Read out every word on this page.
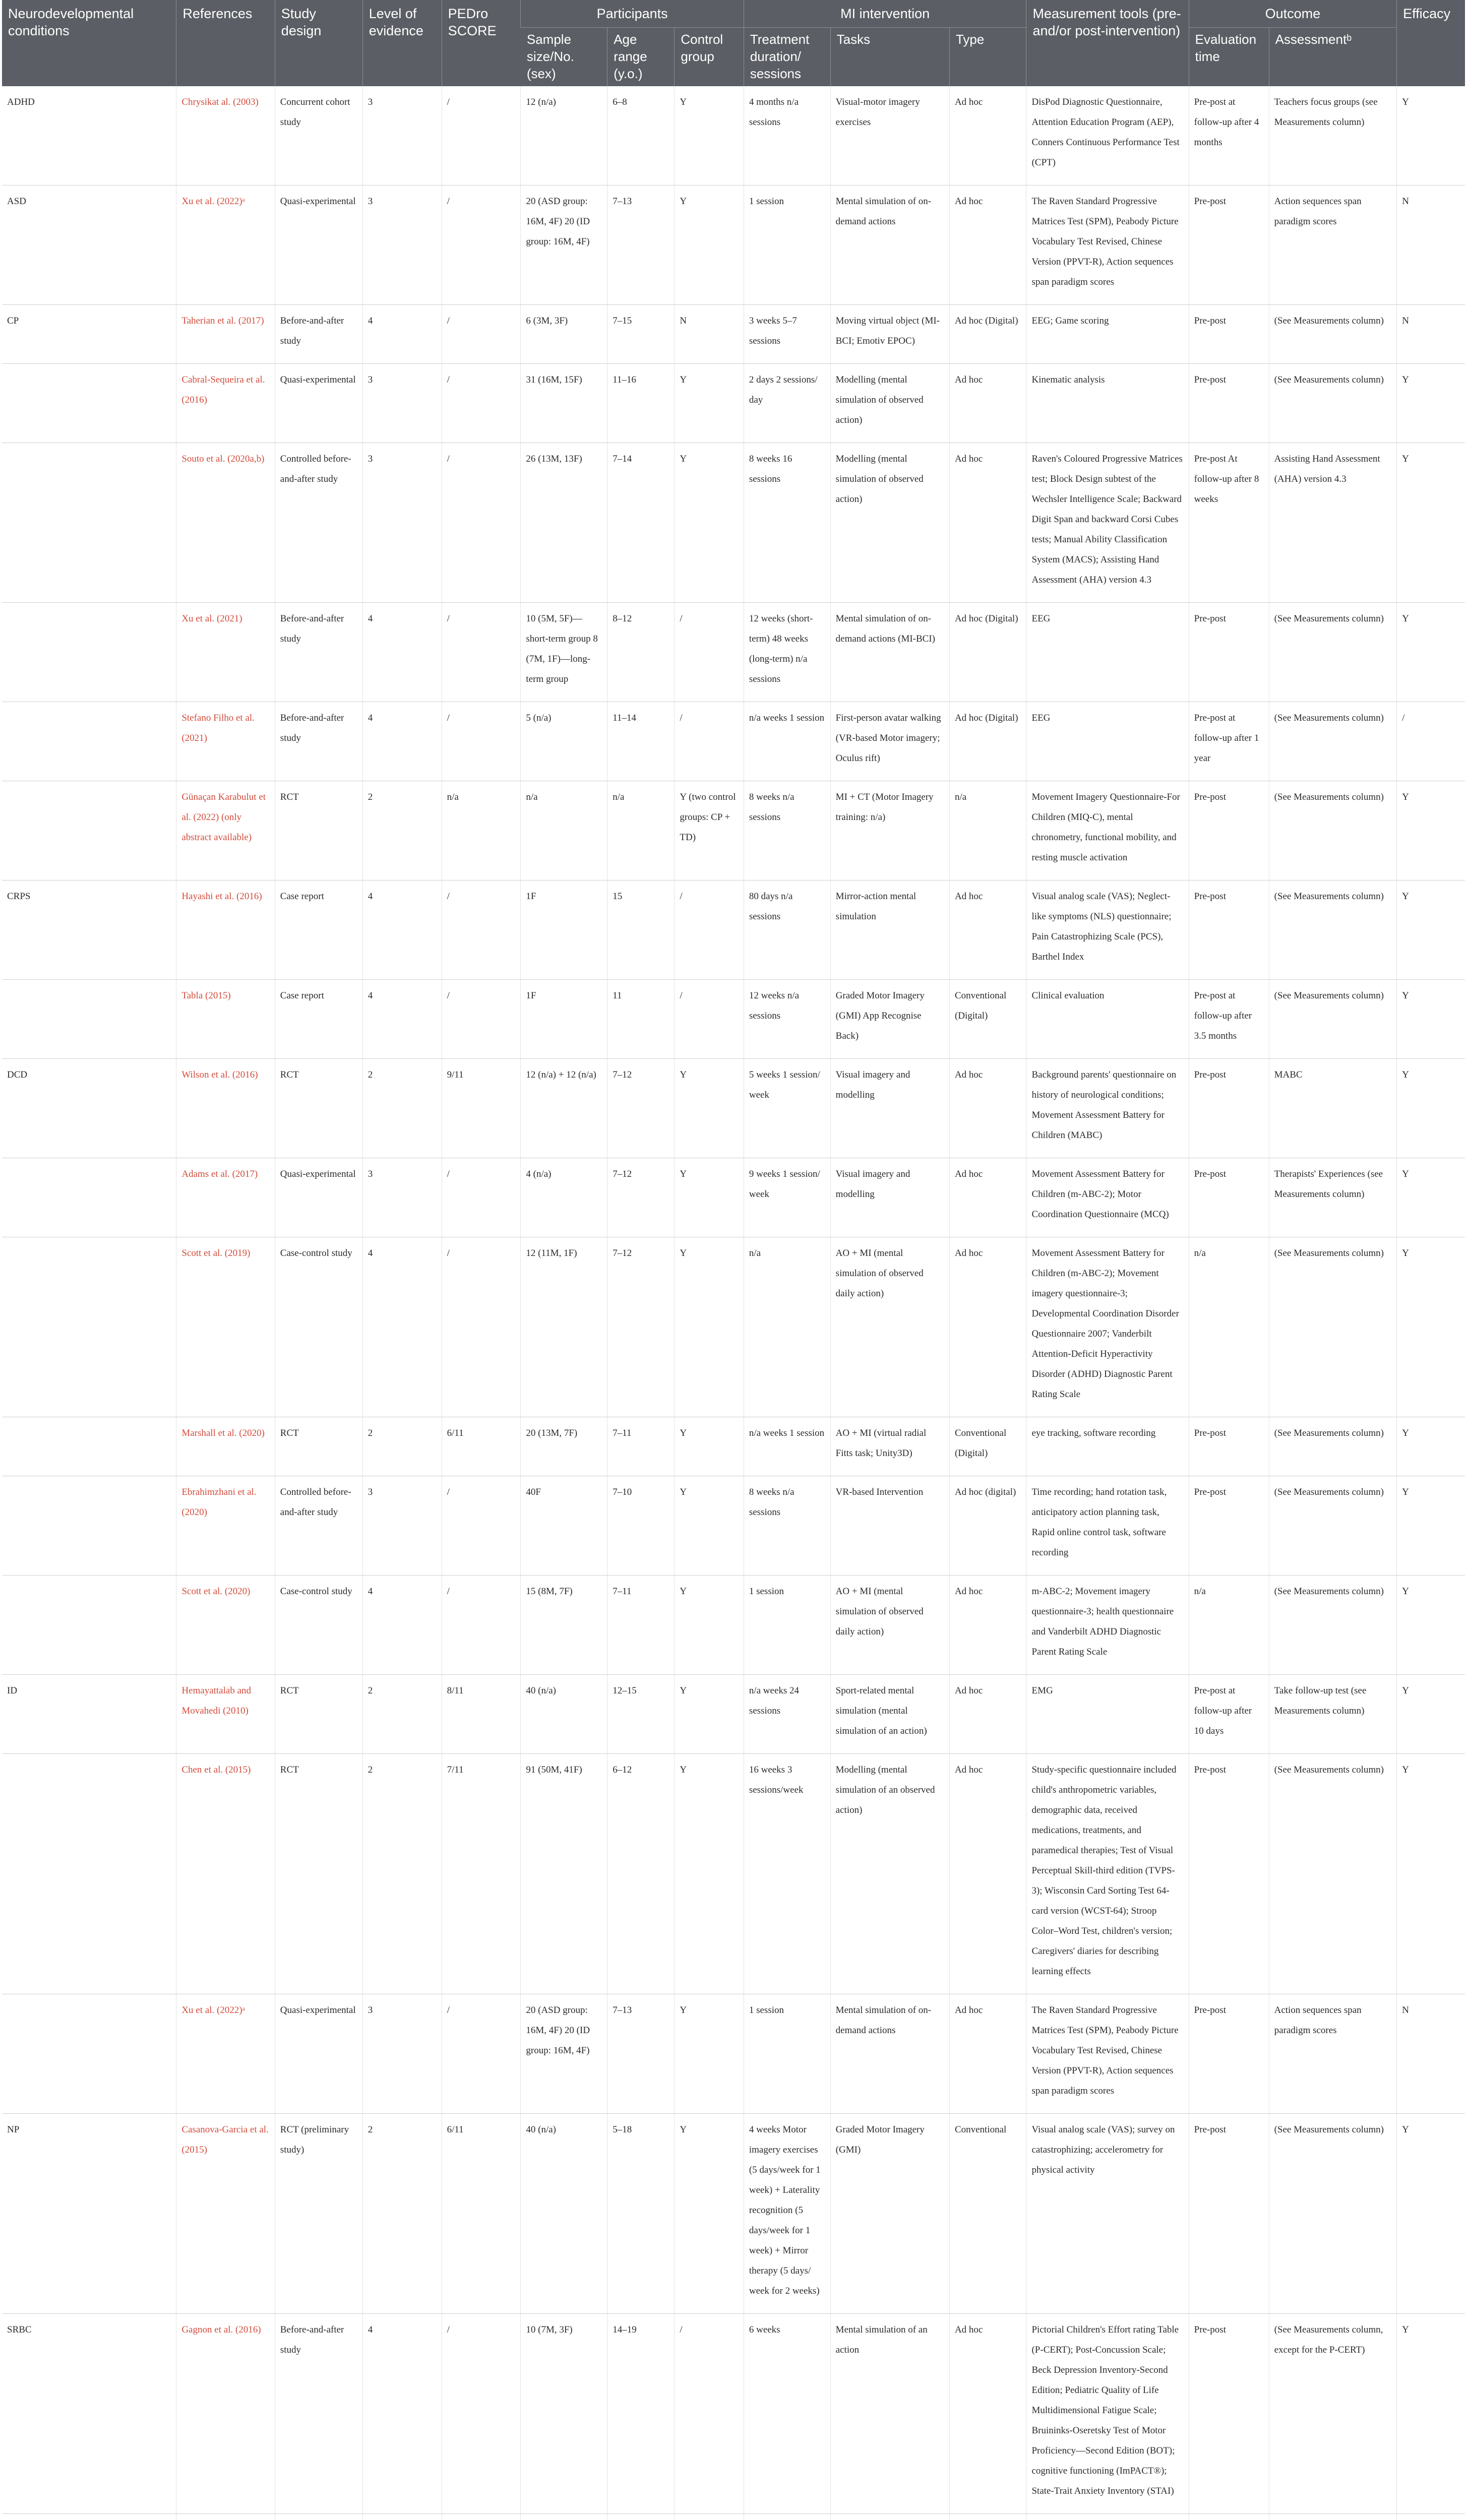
Neurodevelopmental conditions	References	Study design	Level of evidence	PEDro SCORE	Participants			MI intervention			Measurement tools (pre- and/or post-intervention)	Outcome		Efficacy
					Sample size/No. (sex)	Age range (y.o.)	Control group	Treatment duration/ sessions	Tasks	Type		Evaluation time	Assessmentᵇ	
ADHD	Chrysikat al. (2003)	Concurrent cohort study	3	/	12 (n/a)	6–8	Y	4 months n/a sessions	Visual-motor imagery exercises	Ad hoc	DisPod Diagnostic Questionnaire, Attention Education Program (AEP), Conners Continuous Performance Test (CPT)	Pre-post at follow-up after 4 months	Teachers focus groups (see Measurements column)	Y
ASD	Xu et al. (2022)ᵃ	Quasi-experimental	3	/	20 (ASD group: 16M, 4F) 20 (ID group: 16M, 4F)	7–13	Y	1 session	Mental simulation of on-demand actions	Ad hoc	The Raven Standard Progressive Matrices Test (SPM), Peabody Picture Vocabulary Test Revised, Chinese Version (PPVT-R), Action sequences span paradigm scores	Pre-post	Action sequences span paradigm scores	N
CP	Taherian et al. (2017)	Before-and-after study	4	/	6 (3M, 3F)	7–15	N	3 weeks 5–7 sessions	Moving virtual object (MI-BCI; Emotiv EPOC)	Ad hoc (Digital)	EEG; Game scoring	Pre-post	(See Measurements column)	N
	Cabral-Sequeira et al. (2016)	Quasi-experimental	3	/	31 (16M, 15F)	11–16	Y	2 days 2 sessions/ day	Modelling (mental simulation of observed action)	Ad hoc	Kinematic analysis	Pre-post	(See Measurements column)	Y
	Souto et al. (2020a,b)	Controlled before-and-after study	3	/	26 (13M, 13F)	7–14	Y	8 weeks 16 sessions	Modelling (mental simulation of observed action)	Ad hoc	Raven's Coloured Progressive Matrices test; Block Design subtest of the Wechsler Intelligence Scale; Backward Digit Span and backward Corsi Cubes tests; Manual Ability Classification System (MACS); Assisting Hand Assessment (AHA) version 4.3	Pre-post At follow-up after 8 weeks	Assisting Hand Assessment (AHA) version 4.3	Y
	Xu et al. (2021)	Before-and-after study	4	/	10 (5M, 5F)— short-term group 8 (7M, 1F)—long-term group	8–12	/	12 weeks (short-term) 48 weeks (long-term) n/a sessions	Mental simulation of on-demand actions (MI-BCI)	Ad hoc (Digital)	EEG	Pre-post	(See Measurements column)	Y
	Stefano Filho et al. (2021)	Before-and-after study	4	/	5 (n/a)	11–14	/	n/a weeks 1 session	First-person avatar walking (VR-based Motor imagery; Oculus rift)	Ad hoc (Digital)	EEG	Pre-post at follow-up after 1 year	(See Measurements column)	/
	Günaçan Karabulut et al. (2022) (only abstract available)	RCT	2	n/a	n/a	n/a	Y (two control groups: CP + TD)	8 weeks n/a sessions	MI + CT (Motor Imagery training: n/a)	n/a	Movement Imagery Questionnaire-For Children (MIQ-C), mental chronometry, functional mobility, and resting muscle activation	Pre-post	(See Measurements column)	Y
CRPS	Hayashi et al. (2016)	Case report	4	/	1F	15	/	80 days n/a sessions	Mirror-action mental simulation	Ad hoc	Visual analog scale (VAS); Neglect-like symptoms (NLS) questionnaire; Pain Catastrophizing Scale (PCS), Barthel Index	Pre-post	(See Measurements column)	Y
	Tabla (2015)	Case report	4	/	1F	11	/	12 weeks n/a sessions	Graded Motor Imagery (GMI) App Recognise Back)	Conventional (Digital)	Clinical evaluation	Pre-post at follow-up after 3.5 months	(See Measurements column)	Y
DCD	Wilson et al. (2016)	RCT	2	9/11	12 (n/a) + 12 (n/a)	7–12	Y	5 weeks 1 session/ week	Visual imagery and modelling	Ad hoc	Background parents' questionnaire on history of neurological conditions; Movement Assessment Battery for Children (MABC)	Pre-post	MABC	Y
	Adams et al. (2017)	Quasi-experimental	3	/	4 (n/a)	7–12	Y	9 weeks 1 session/ week	Visual imagery and modelling	Ad hoc	Movement Assessment Battery for Children (m-ABC-2); Motor Coordination Questionnaire (MCQ)	Pre-post	Therapists' Experiences (see Measurements column)	Y
	Scott et al. (2019)	Case-control study	4	/	12 (11M, 1F)	7–12	Y	n/a	AO + MI (mental simulation of observed daily action)	Ad hoc	Movement Assessment Battery for Children (m-ABC-2); Movement imagery questionnaire-3; Developmental Coordination Disorder Questionnaire 2007; Vanderbilt Attention-Deficit Hyperactivity Disorder (ADHD) Diagnostic Parent Rating Scale	n/a	(See Measurements column)	Y
	Marshall et al. (2020)	RCT	2	6/11	20 (13M, 7F)	7–11	Y	n/a weeks 1 session	AO + MI (virtual radial Fitts task; Unity3D)	Conventional (Digital)	eye tracking, software recording	Pre-post	(See Measurements column)	Y
	Ebrahimzhani et al. (2020)	Controlled before-and-after study	3	/	40F	7–10	Y	8 weeks n/a sessions	VR-based Intervention	Ad hoc (digital)	Time recording; hand rotation task, anticipatory action planning task, Rapid online control task, software recording	Pre-post	(See Measurements column)	Y
	Scott et al. (2020)	Case-control study	4	/	15 (8M, 7F)	7–11	Y	1 session	AO + MI (mental simulation of observed daily action)	Ad hoc	m-ABC-2; Movement imagery questionnaire-3; health questionnaire and Vanderbilt ADHD Diagnostic Parent Rating Scale	n/a	(See Measurements column)	Y
ID	Hemayattalab and Movahedi (2010)	RCT	2	8/11	40 (n/a)	12–15	Y	n/a weeks 24 sessions	Sport-related mental simulation (mental simulation of an action)	Ad hoc	EMG	Pre-post at follow-up after 10 days	Take follow-up test (see Measurements column)	Y
	Chen et al. (2015)	RCT	2	7/11	91 (50M, 41F)	6–12	Y	16 weeks 3 sessions/week	Modelling (mental simulation of an observed action)	Ad hoc	Study-specific questionnaire included child's anthropometric variables, demographic data, received medications, treatments, and paramedical therapies; Test of Visual Perceptual Skill-third edition (TVPS-3); Wisconsin Card Sorting Test 64-card version (WCST-64); Stroop Color–Word Test, children's version; Caregivers' diaries for describing learning effects	Pre-post	(See Measurements column)	Y
	Xu et al. (2022)ᵃ	Quasi-experimental	3	/	20 (ASD group: 16M, 4F) 20 (ID group: 16M, 4F)	7–13	Y	1 session	Mental simulation of on-demand actions	Ad hoc	The Raven Standard Progressive Matrices Test (SPM), Peabody Picture Vocabulary Test Revised, Chinese Version (PPVT-R), Action sequences span paradigm scores	Pre-post	Action sequences span paradigm scores	N
NP	Casanova-Garcia et al. (2015)	RCT (preliminary study)	2	6/11	40 (n/a)	5–18	Y	4 weeks Motor imagery exercises (5 days/week for 1 week) + Laterality recognition (5 days/week for 1 week) + Mirror therapy (5 days/ week for 2 weeks)	Graded Motor Imagery (GMI)	Conventional	Visual analog scale (VAS); survey on catastrophizing; accelerometry for physical activity	Pre-post	(See Measurements column)	Y
SRBC	Gagnon et al. (2016)	Before-and-after study	4	/	10 (7M, 3F)	14–19	/	6 weeks	Mental simulation of an action	Ad hoc	Pictorial Children's Effort rating Table (P-CERT); Post-Concussion Scale; Beck Depression Inventory-Second Edition; Pediatric Quality of Life Multidimensional Fatigue Scale; Bruininks-Oseretsky Test of Motor Proficiency—Second Edition (BOT); cognitive functioning (ImPACT®); State-Trait Anxiety Inventory (STAI)	Pre-post	(See Measurements column, except for the P-CERT)	Y
